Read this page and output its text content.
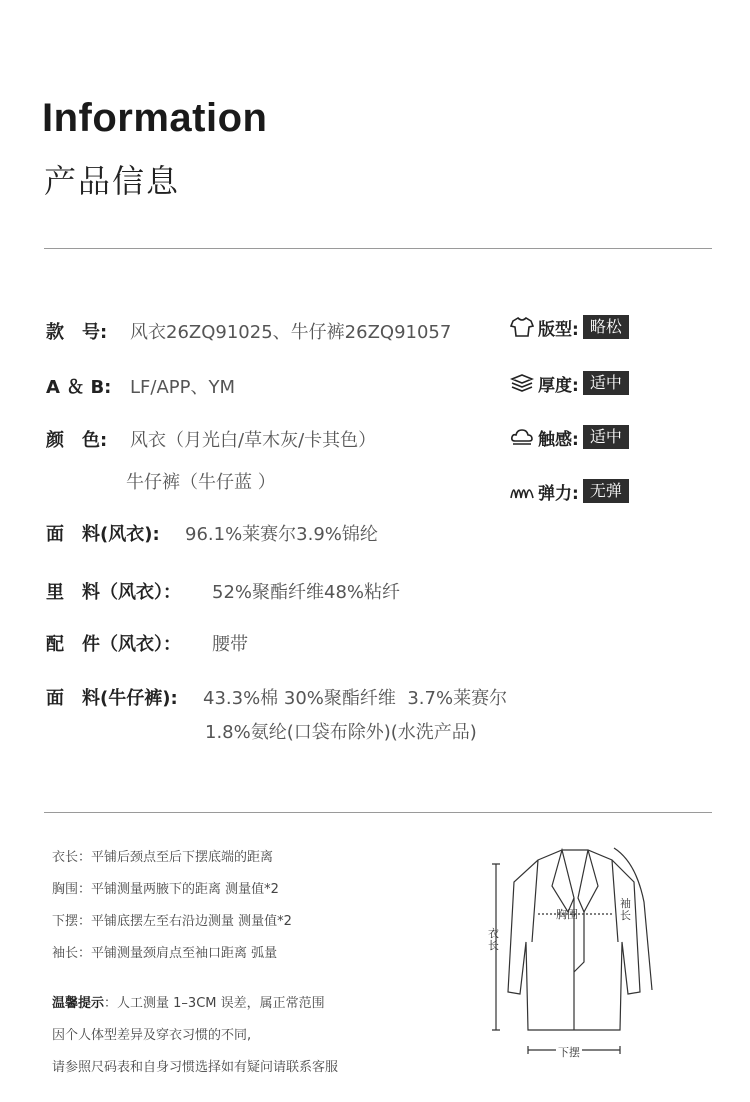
Information
产品信息
款　号: 风衣26ZQ91025、牛仔裤26ZQ91057
A ＆ B: LF/APP、YM
颜　色: 风衣（月光白/草木灰/卡其色）
牛仔裤（牛仔蓝 ）
面　料(风衣): 96.1%莱赛尔3.9%锦纶
里　料（风衣）： 52%聚酯纤维48%粘纤
配　件（风衣）： 腰带
面　料(牛仔裤): 43.3%棉 30%聚酯纤维  3.7%莱赛尔
1.8%氨纶(口袋布除外)(水洗产品)
版型: 略松
厚度: 适中
触感: 适中
弹力: 无弹
衣长：平铺后颈点至后下摆底端的距离
胸围：平铺测量两腋下的距离 测量值*2
下摆：平铺底摆左至右沿边测量 测量值*2
袖长：平铺测量颈肩点至袖口距离 弧量
温馨提示：人工测量 1–3CM 误差，属正常范围
因个人体型差异及穿衣习惯的不同,
请参照尺码表和自身习惯选择如有疑问请联系客服
胸围
衣长
袖长
下摆
